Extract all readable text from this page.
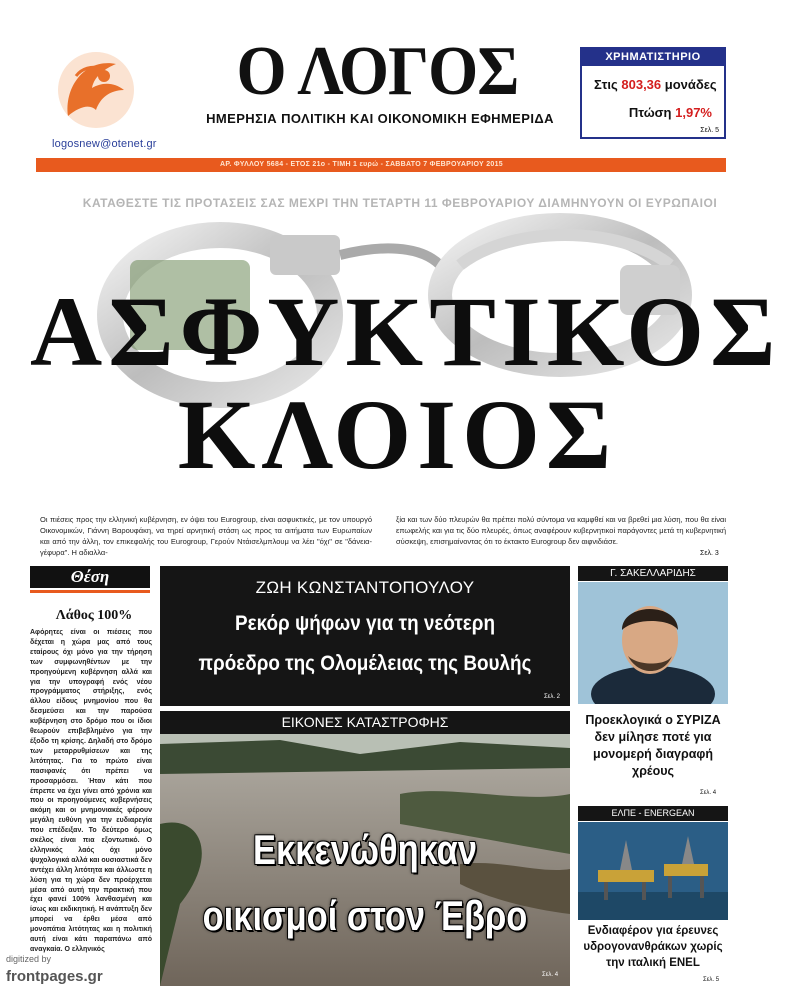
logosnew@otenet.gr
Ο ΛΟΓΟΣ
ΗΜΕΡΗΣΙΑ ΠΟΛΙΤΙΚΗ ΚΑΙ ΟΙΚΟΝΟΜΙΚΗ ΕΦΗΜΕΡΙΔΑ
ΧΡΗΜΑΤΙΣΤΗΡΙΟ
Στις 803,36 μονάδες
Πτώση 1,97%
Σελ. 5
ΑΡ. ΦΥΛΛΟΥ 5684 - ΕΤΟΣ 21ο - ΤΙΜΗ 1 ευρώ - ΣΑΒΒΑΤΟ 7 ΦΕΒΡΟΥΑΡΙΟΥ 2015
ΚΑΤΑΘΕΣΤΕ ΤΙΣ ΠΡΟΤΑΣΕΙΣ ΣΑΣ ΜΕΧΡΙ ΤΗΝ ΤΕΤΑΡΤΗ 11 ΦΕΒΡΟΥΑΡΙΟΥ ΔΙΑΜΗΝΥΟΥΝ ΟΙ ΕΥΡΩΠΑΙΟΙ
ΑΣΦΥΚΤΙΚΟΣ
ΚΛΟΙΟΣ
Οι πιέσεις προς την ελληνική κυβέρνηση, εν όψει του Eurogroup, είναι ασφυκτικές, με τον υπουργό Οικονομικών, Γιάννη Βαρουφάκη, να τηρεί αρνητική στάση ως προς τα αιτήματα των Ευρωπαίων και από την άλλη, τον επικεφαλής του Eurogroup, Γερούν Ντάισελμπλουμ να λέει "όχι" σε "δάνεια-γέφυρα". Η αδιαλλα-
ξία και των δύο πλευρών θα πρέπει πολύ σύντομα να καμφθεί και να βρεθεί μια λύση, που θα είναι επωφελής και για τις δύο πλευρές, όπως αναφέρουν κυβερνητικοί παράγοντες μετά τη κυβερνητική σύσκεψη, επισημαίνοντας ότι το έκτακτο Eurogroup δεν αιφνιδιάσε.
Σελ. 3
Θέση
Λάθος 100%
Αφόρητες είναι οι πιέσεις που δέχεται η χώρα μας από τους εταίρους όχι μόνο για την τήρηση των συμφωνηθέντων με την προηγούμενη κυβέρνηση αλλά και για την υπογραφή ενός νέου προγράμματος στήριξης, ενός άλλου είδους μνημονίου που θα δεσμεύσει και την παρούσα κυβέρνηση στο δρόμο που οι ίδιοι θεωρούν επιβεβλημένο για την έξοδο τη κρίσης. Δηλαδή στο δρόμο των μεταρρυθμίσεων και της λιτότητας. Για το πρώτο είναι πασιφανές ότι πρέπει να προσαρμόσει. Ήταν κάτι που έπρεπε να έχει γίνει από χρόνια και που οι προηγούμενες κυβερνήσεις ακόμη και οι μνημονιακές φέρουν μεγάλη ευθύνη για την ευδιαρεγία που επέδειξαν. Το δεύτερο όμως σκέλος είναι πια εξοντωτικό. Ο ελληνικός λαός όχι μόνο ψυχολογικά αλλά και ουσιαστικά δεν αντέχει άλλη λιτότητα και άλλωστε η λύση για τη χώρα δεν προέρχεται μέσα από αυτή την πρακτική που έχει φανεί 100% λανθασμένη και ίσως και εκδικητική. Η ανάπτυξη δεν μπορεί να έρθει μέσα από μονοπάτια λιτότητας και η πολιτική αυτή είναι κάτι παραπάνω από αναγκαία. Ο ελληνικός
ΖΩΗ ΚΩΝΣΤΑΝΤΟΠΟΥΛΟΥ
Ρεκόρ ψήφων για τη νεότερη
πρόεδρο της Ολομέλειας της Βουλής
Σελ. 2
ΕΙΚΟΝΕΣ ΚΑΤΑΣΤΡΟΦΗΣ
Εκκενώθηκαν
οικισμοί στον Έβρο
Σελ. 4
Γ. ΣΑΚΕΛΛΑΡΙΔΗΣ
Προεκλογικά ο ΣΥΡΙΖΑ δεν μίλησε ποτέ για μονομερή διαγραφή χρέους
Σελ. 4
ΕΛΠΕ - ENERGEAN
Ενδιαφέρον για έρευνες υδρογονανθράκων χωρίς την ιταλική ENEL
Σελ. 5
digitized by
frontpages.gr
